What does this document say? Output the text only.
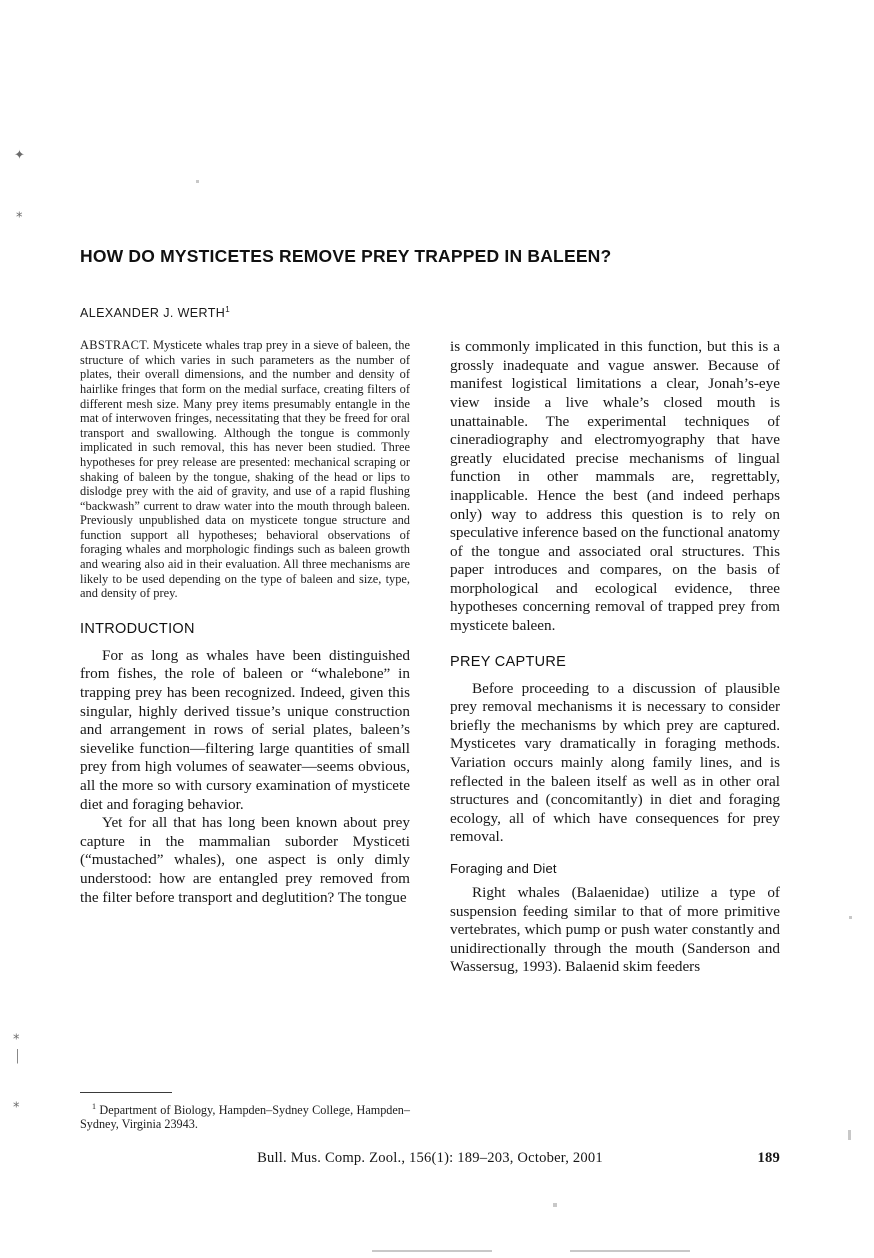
✦
⁎
⁎
|
⁎
HOW DO MYSTICETES REMOVE PREY TRAPPED IN BALEEN?
ALEXANDER J. WERTH$^1$

ABSTRACT. Mysticete whales trap prey in a sieve of baleen, the structure of which varies in such parameters as the number of plates, their overall dimensions, and the number and density of hairlike fringes that form on the medial surface, creating filters of different mesh size. Many prey items presumably entangle in the mat of interwoven fringes, necessitating that they be freed for oral transport and swallowing. Although the tongue is commonly implicated in such removal, this has never been studied. Three hypotheses for prey release are presented: mechanical scraping or shaking of baleen by the tongue, shaking of the head or lips to dislodge prey with the aid of gravity, and use of a rapid flushing “backwash” current to draw water into the mouth through baleen. Previously unpublished data on mysticete tongue structure and function support all hypotheses; behavioral observations of foraging whales and morphologic findings such as baleen growth and wearing also aid in their evaluation. All three mechanisms are likely to be used depending on the type of baleen and size, type, and density of prey.

INTRODUCTION

For as long as whales have been distinguished from fishes, the role of baleen or “whalebone” in trapping prey has been recognized. Indeed, given this singular, highly derived tissue’s unique construction and arrangement in rows of serial plates, baleen’s sievelike function—filtering large quantities of small prey from high volumes of seawater—seems obvious, all the more so with cursory examination of mysticete diet and foraging behavior.

Yet for all that has long been known about prey capture in the mammalian suborder Mysticeti (“mustached” whales), one aspect is only dimly understood: how are entangled prey removed from the filter before transport and deglutition? The tongue

is commonly implicated in this function, but this is a grossly inadequate and vague answer. Because of manifest logistical limitations a clear, Jonah’s-eye view inside a live whale’s closed mouth is unattainable. The experimental techniques of cineradiography and electromyography that have greatly elucidated precise mechanisms of lingual function in other mammals are, regrettably, inapplicable. Hence the best (and indeed perhaps only) way to address this question is to rely on speculative inference based on the functional anatomy of the tongue and associated oral structures. This paper introduces and compares, on the basis of morphological and ecological evidence, three hypotheses concerning removal of trapped prey from mysticete baleen.

PREY CAPTURE

Before proceeding to a discussion of plausible prey removal mechanisms it is necessary to consider briefly the mechanisms by which prey are captured. Mysticetes vary dramatically in foraging methods. Variation occurs mainly along family lines, and is reflected in the baleen itself as well as in other oral structures and (concomitantly) in diet and foraging ecology, all of which have consequences for prey removal.

Foraging and Diet

Right whales (Balaenidae) utilize a type of suspension feeding similar to that of more primitive vertebrates, which pump or push water constantly and unidirectionally through the mouth (Sanderson and Wassersug, 1993). Balaenid skim feeders

$^1$ Department of Biology, Hampden–Sydney College, Hampden–Sydney, Virginia 23943.

Bull. Mus. Comp. Zool., 156(1): 189–203, October, 2001	189
